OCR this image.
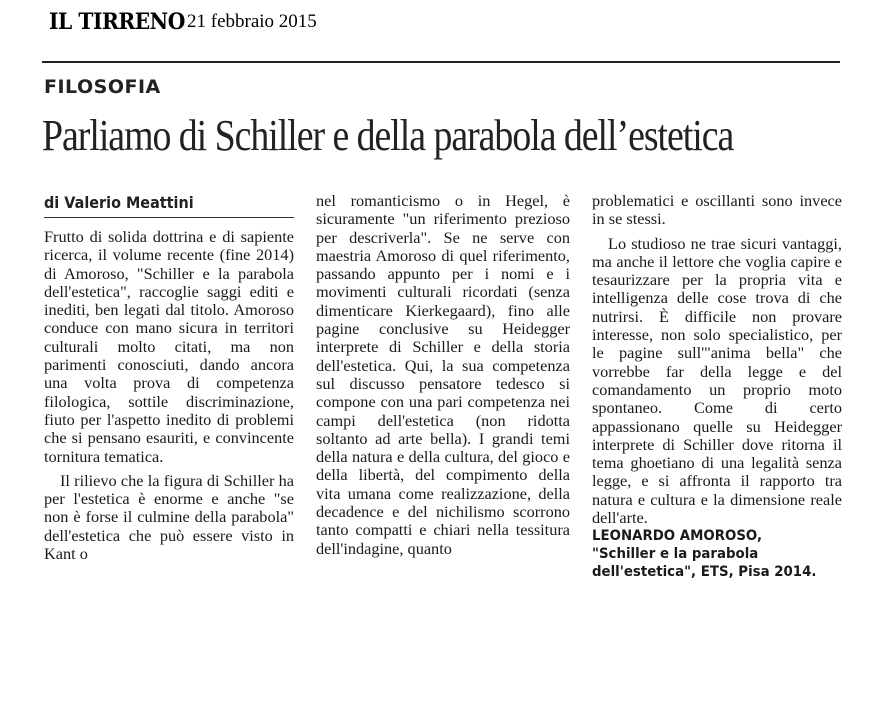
IL TIRRENO 21 febbraio 2015
FILOSOFIA
Parliamo di Schiller e della parabola dell’estetica
di Valerio Meattini

Frutto di solida dottrina e di sapiente ricerca, il volume recente (fine 2014) di Amoroso, "Schiller e la parabola dell'estetica", raccoglie saggi editi e inediti, ben legati dal titolo. Amoroso conduce con mano sicura in territori culturali molto citati, ma non parimenti conosciuti, dando ancora una volta prova di competenza filologica, sottile discriminazione, fiuto per l'aspetto inedito di problemi che si pensano esauriti, e convincente tornitura tematica.

Il rilievo che la figura di Schiller ha per l'estetica è enorme e anche "se non è forse il culmine della parabola" dell'estetica che può essere visto in Kant o

nel romanticismo o in Hegel, è sicuramente "un riferimento prezioso per descriverla". Se ne serve con maestria Amoroso di quel riferimento, passando appunto per i nomi e i movimenti culturali ricordati (senza dimenticare Kierkegaard), fino alle pagine conclusive su Heidegger interprete di Schiller e della storia dell'estetica. Qui, la sua competenza sul discusso pensatore tedesco si compone con una pari competenza nei campi dell'estetica (non ridotta soltanto ad arte bella). I grandi temi della natura e della cultura, del gioco e della libertà, del compimento della vita umana come realizzazione, della decadence e del nichilismo scorrono tanto compatti e chiari nella tessitura dell'indagine, quanto

problematici e oscillanti sono invece in se stessi.

Lo studioso ne trae sicuri vantaggi, ma anche il lettore che voglia capire e tesaurizzare per la propria vita e intelligenza delle cose trova di che nutrirsi. È difficile non provare interesse, non solo specialistico, per le pagine sull'"anima bella" che vorrebbe far della legge e del comandamento un proprio moto spontaneo. Come di certo appassionano quelle su Heidegger interprete di Schiller dove ritorna il tema ghoetiano di una legalità senza legge, e si affronta il rapporto tra natura e cultura e la dimensione reale dell'arte.

LEONARDO AMOROSO,
"Schiller e la parabola dell'estetica", ETS, Pisa 2014.
